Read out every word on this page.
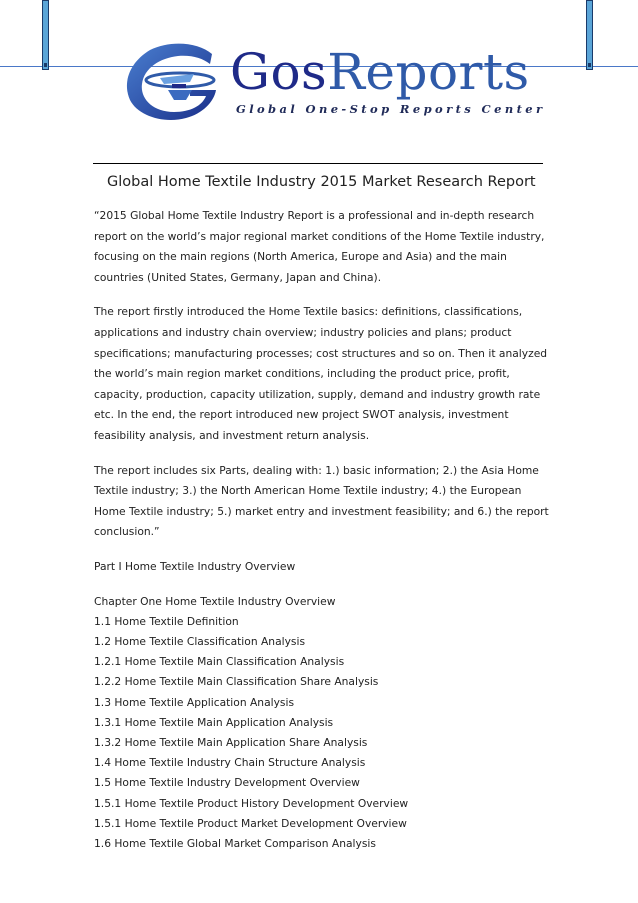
GosReports
Global One-Stop Reports Center
Global Home Textile Industry 2015 Market Research Report

“2015 Global Home Textile Industry Report is a professional and in-depth research report on the world’s major regional market conditions of the Home Textile industry, focusing on the main regions (North America, Europe and Asia) and the main countries (United States, Germany, Japan and China).

The report firstly introduced the Home Textile basics: definitions, classifications, applications and industry chain overview; industry policies and plans; product specifications; manufacturing processes; cost structures and so on. Then it analyzed the world’s main region market conditions, including the product price, profit, capacity, production, capacity utilization, supply, demand and industry growth rate etc. In the end, the report introduced new project SWOT analysis, investment feasibility analysis, and investment return analysis.

The report includes six Parts, dealing with: 1.) basic information; 2.) the Asia Home Textile industry; 3.) the North American Home Textile industry; 4.) the European Home Textile industry; 5.) market entry and investment feasibility; and 6.) the report conclusion.”

Part I Home Textile Industry Overview

Chapter One Home Textile Industry Overview
1.1 Home Textile Definition
1.2 Home Textile Classification Analysis
1.2.1 Home Textile Main Classification Analysis
1.2.2 Home Textile Main Classification Share Analysis
1.3 Home Textile Application Analysis
1.3.1 Home Textile Main Application Analysis
1.3.2 Home Textile Main Application Share Analysis
1.4 Home Textile Industry Chain Structure Analysis
1.5 Home Textile Industry Development Overview
1.5.1 Home Textile Product History Development Overview
1.5.1 Home Textile Product Market Development Overview
1.6 Home Textile Global Market Comparison Analysis
